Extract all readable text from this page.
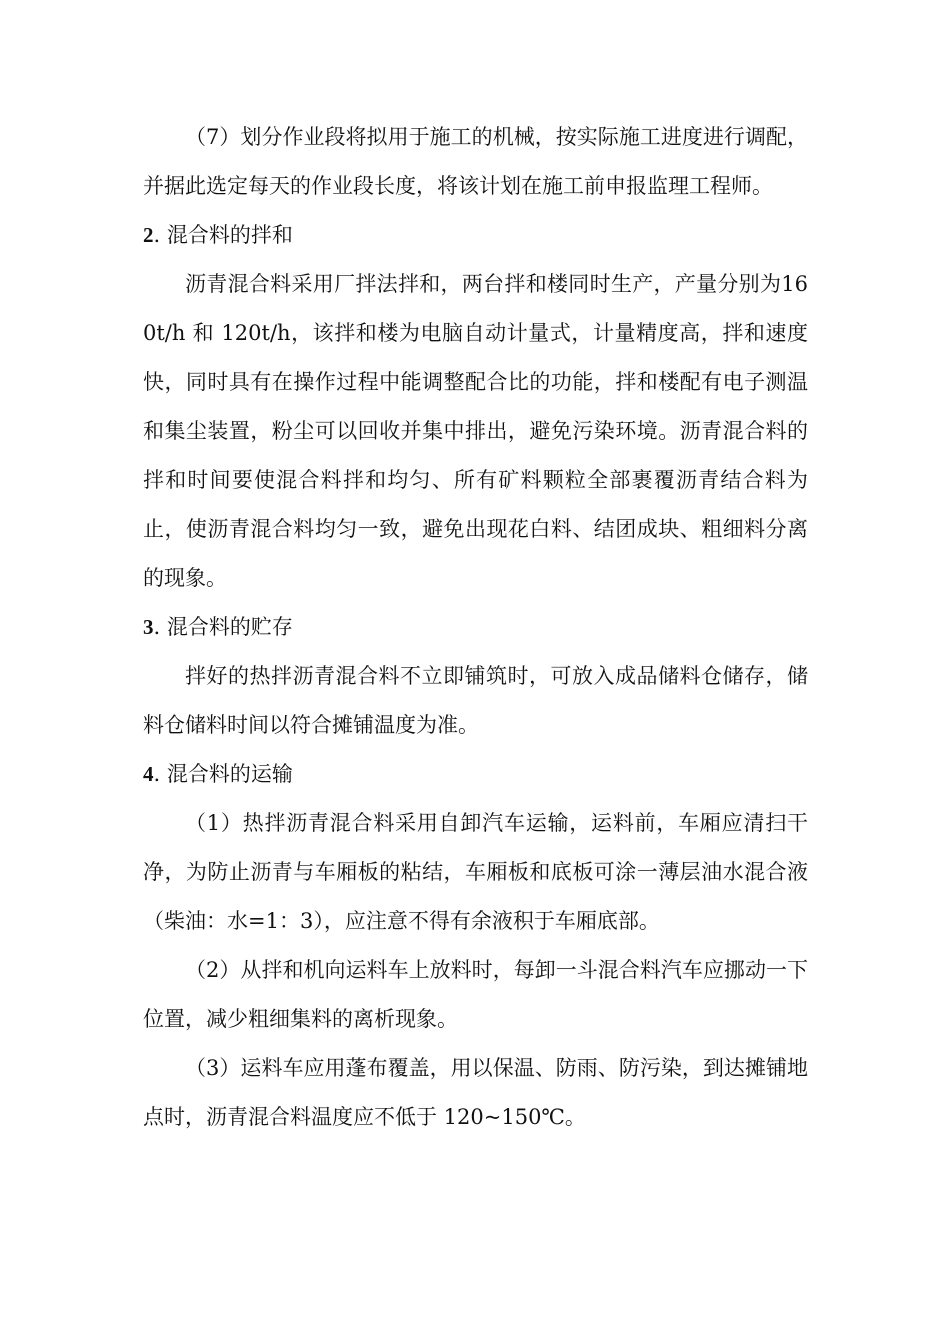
（7）划分作业段将拟用于施工的机械，按实际施工进度进行调配，并据此选定每天的作业段长度，将该计划在施工前申报监理工程师。

2. 混合料的拌和

沥青混合料采用厂拌法拌和，两台拌和楼同时生产，产量分别为160t/h 和 120t/h，该拌和楼为电脑自动计量式，计量精度高，拌和速度快，同时具有在操作过程中能调整配合比的功能，拌和楼配有电子测温和集尘装置，粉尘可以回收并集中排出，避免污染环境。沥青混合料的拌和时间要使混合料拌和均匀、所有矿料颗粒全部裹覆沥青结合料为止，使沥青混合料均匀一致，避免出现花白料、结团成块、粗细料分离的现象。

3. 混合料的贮存

拌好的热拌沥青混合料不立即铺筑时，可放入成品储料仓储存，储料仓储料时间以符合摊铺温度为准。

4. 混合料的运输

（1）热拌沥青混合料采用自卸汽车运输，运料前，车厢应清扫干净，为防止沥青与车厢板的粘结，车厢板和底板可涂一薄层油水混合液（柴油：水=1：3），应注意不得有余液积于车厢底部。

（2）从拌和机向运料车上放料时，每卸一斗混合料汽车应挪动一下位置，减少粗细集料的离析现象。

（3）运料车应用蓬布覆盖，用以保温、防雨、防污染，到达摊铺地点时，沥青混合料温度应不低于 120~150℃。
